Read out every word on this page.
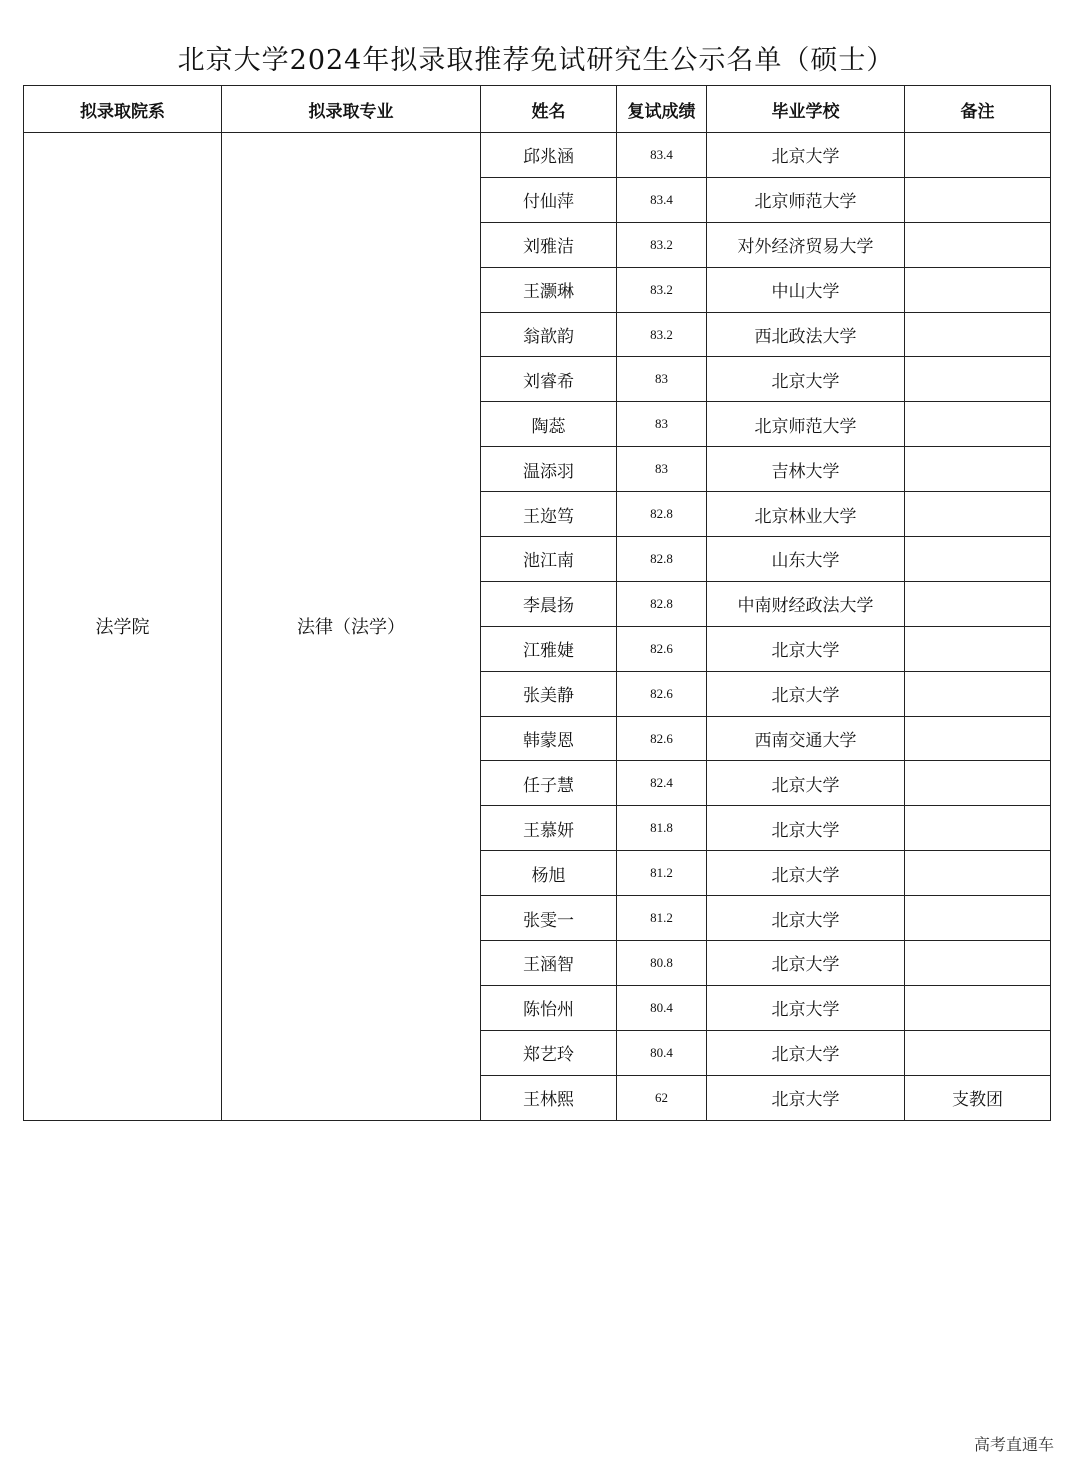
北京大学2024年拟录取推荐免试研究生公示名单（硕士）
拟录取院系	拟录取专业	姓名	复试成绩	毕业学校	备注
法学院	法律（法学）	邱兆涵	83.4	北京大学	
		付仙萍	83.4	北京师范大学	
		刘雅洁	83.2	对外经济贸易大学	
		王灏琳	83.2	中山大学	
		翁歆韵	83.2	西北政法大学	
		刘睿希	83	北京大学	
		陶蕊	83	北京师范大学	
		温添羽	83	吉林大学	
		王迩笃	82.8	北京林业大学	
		池江南	82.8	山东大学	
		李晨扬	82.8	中南财经政法大学	
		江雅婕	82.6	北京大学	
		张美静	82.6	北京大学	
		韩蒙恩	82.6	西南交通大学	
		任子慧	82.4	北京大学	
		王慕妍	81.8	北京大学	
		杨旭	81.2	北京大学	
		张雯一	81.2	北京大学	
		王涵智	80.8	北京大学	
		陈怡州	80.4	北京大学	
		郑艺玲	80.4	北京大学	
		王林熙	62	北京大学	支教团
高考直通车
